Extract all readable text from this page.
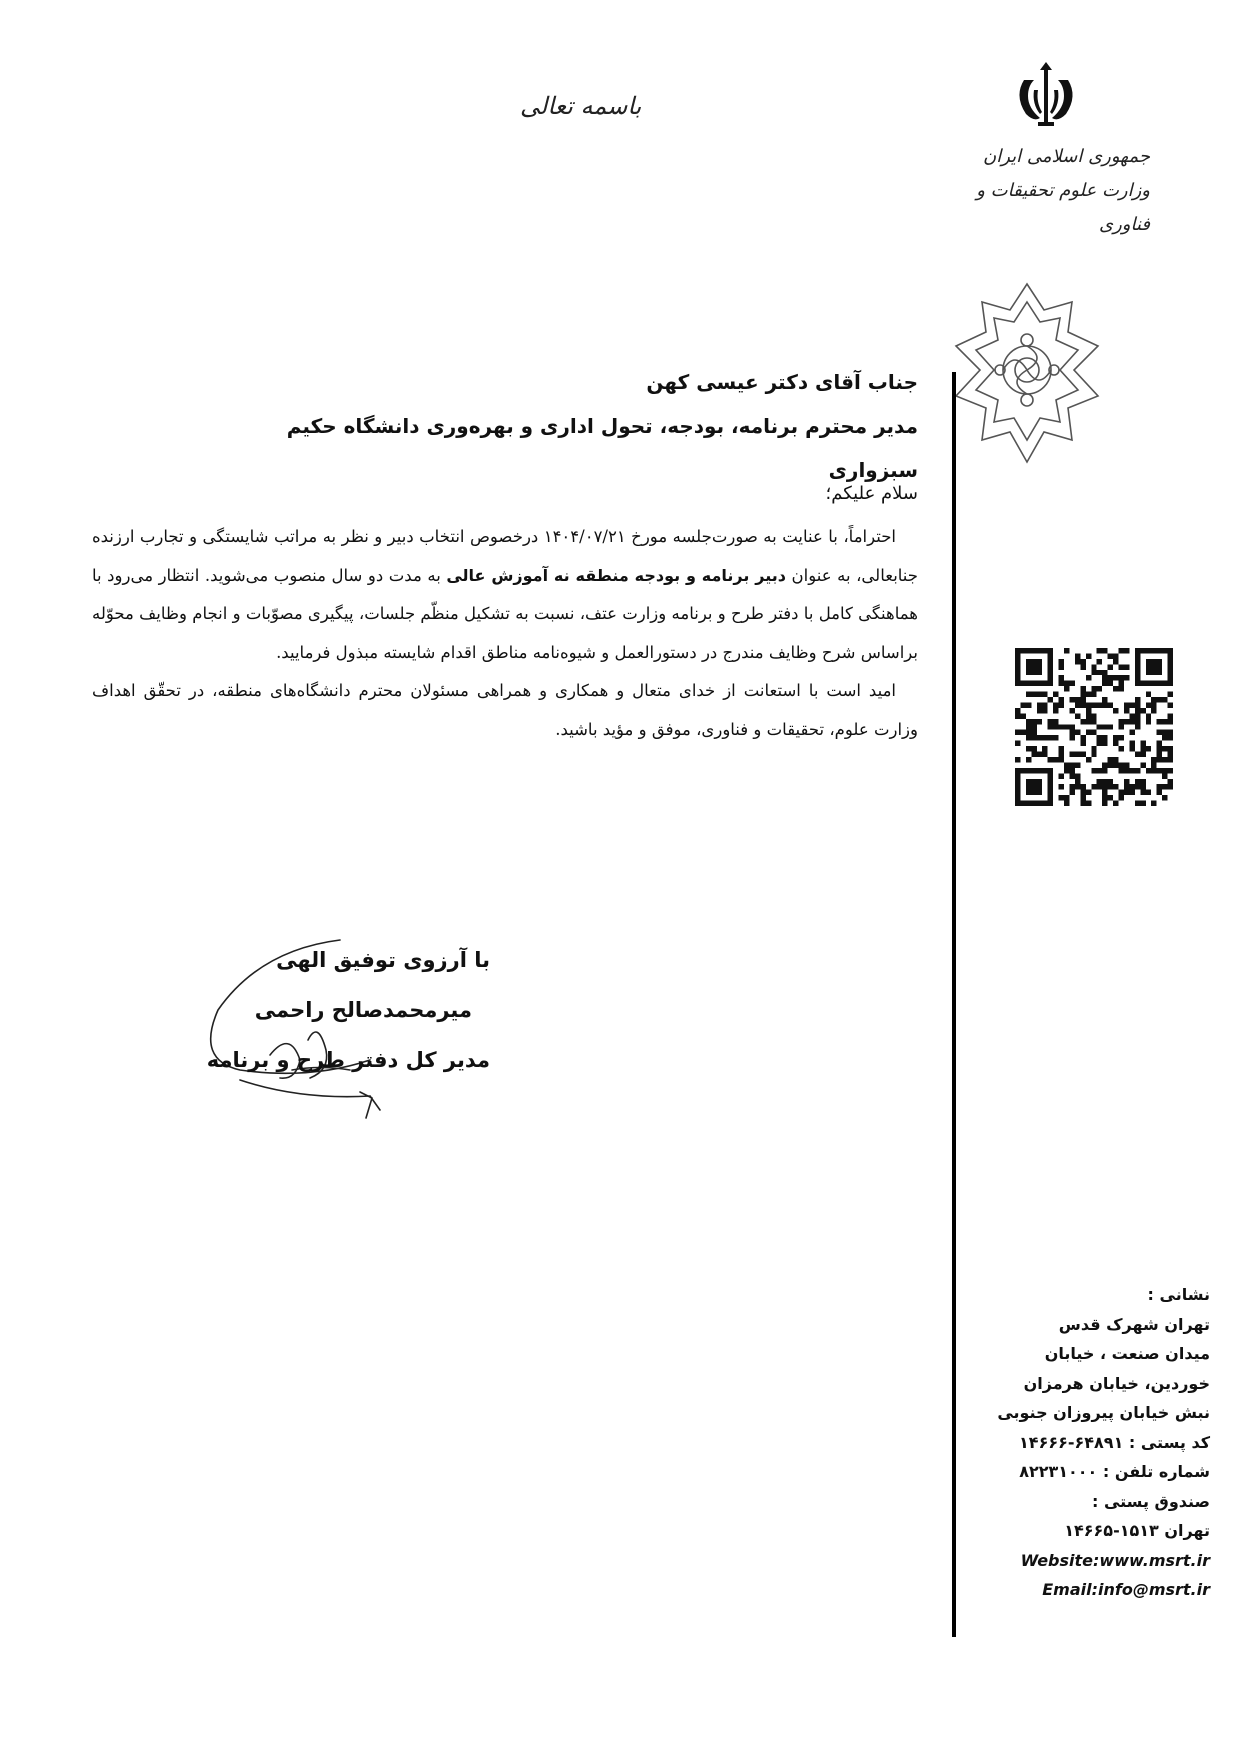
باسمه تعالی
جمهوری اسلامی ایران
وزارت علوم تحقیقات و فناوری
جناب آقای دکتر عیسی کهن
مدیر محترم برنامه، بودجه، تحول اداری و بهره‌وری دانشگاه حکیم سبزواری
سلام علیکم؛

احتراماً، با عنایت به صورت‌جلسه مورخ ۱۴۰۴/۰۷/۲۱ درخصوص انتخاب دبیر و نظر به مراتب شایستگی و تجارب ارزنده جنابعالی، به عنوان دبیر برنامه و بودجه منطقه نه آموزش عالی به مدت دو سال منصوب می‌شوید. انتظار می‌رود با هماهنگی کامل با دفتر طرح و برنامه وزارت عتف، نسبت به تشکیل منظّم جلسات، پیگیری مصوّبات و انجام وظایف محوّله براساس شرح وظایف مندرج در دستورالعمل و شیوه‌نامه مناطق اقدام شایسته مبذول فرمایید.

امید است با استعانت از خدای متعال و همکاری و همراهی مسئولان محترم دانشگاه‌های منطقه، در تحقّق اهداف وزارت علوم، تحقیقات و فناوری، موفق و مؤید باشید.

با آرزوی توفیق الهی
میرمحمدصالح راحمی
مدیر کل دفتر طرح و برنامه
نشانی :
تهران شهرک قدس
میدان صنعت ، خیابان
خوردین، خیابان هرمزان
نبش خیابان پیروزان جنوبی
کد پستی : ۶۴۸۹۱-۱۴۶۶۶
شماره تلفن : ۸۲۲۳۱۰۰۰
صندوق پستی :
تهران ۱۵۱۳-۱۴۶۶۵
Website:www.msrt.ir
Email:info@msrt.ir
